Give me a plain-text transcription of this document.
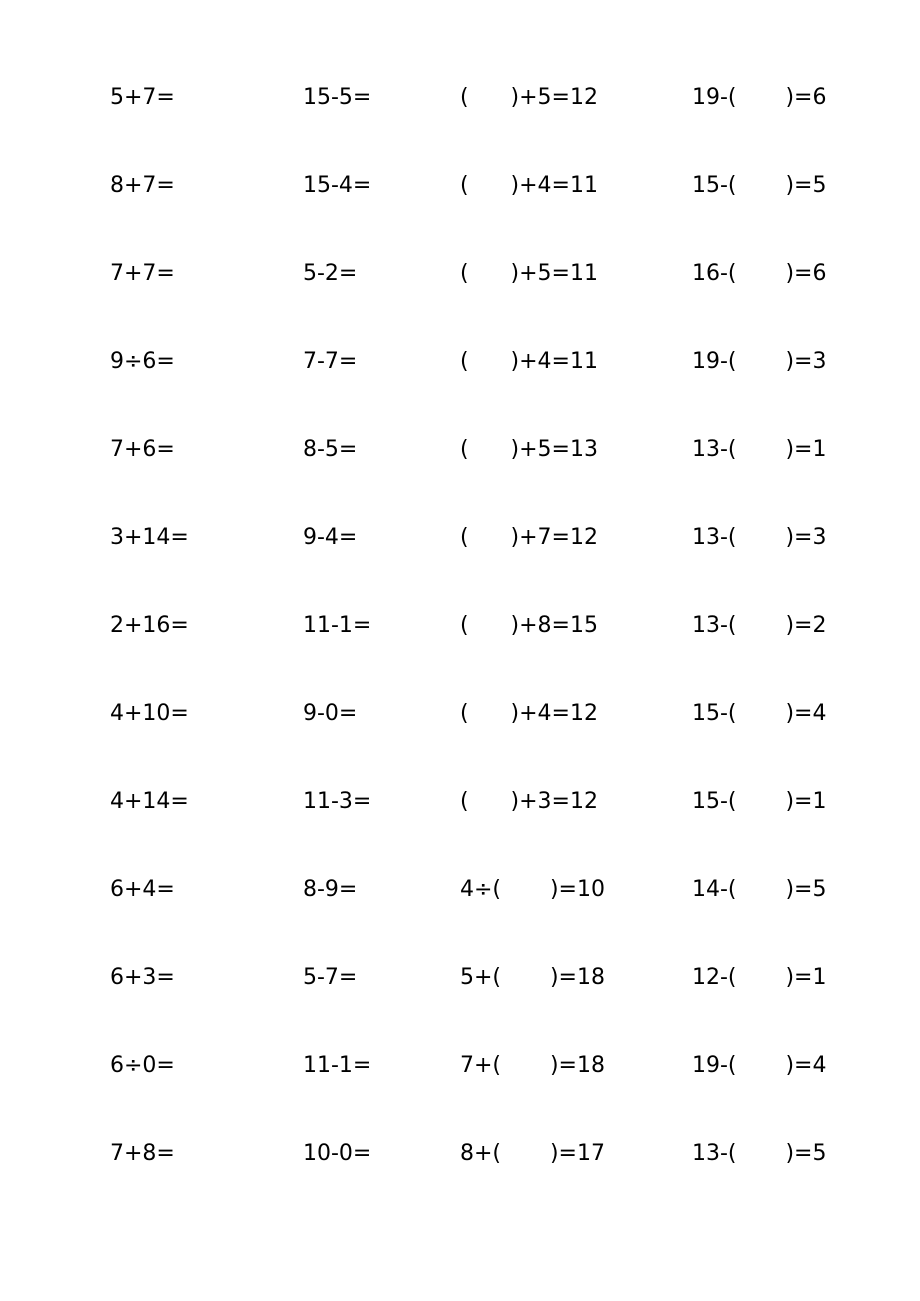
5+7=	15-5=	(      )+5=12	19-(       )=6
8+7=	15-4=	(      )+4=11	15-(       )=5
7+7=	5-2=	(      )+5=11	16-(       )=6
9÷6=	7-7=	(      )+4=11	19-(       )=3
7+6=	8-5=	(      )+5=13	13-(       )=1
3+14=	9-4=	(      )+7=12	13-(       )=3
2+16=	11-1=	(      )+8=15	13-(       )=2
4+10=	9-0=	(      )+4=12	15-(       )=4
4+14=	11-3=	(      )+3=12	15-(       )=1
6+4=	8-9=	4÷(       )=10	14-(       )=5
6+3=	5-7=	5+(       )=18	12-(       )=1
6÷0=	11-1=	7+(       )=18	19-(       )=4
7+8=	10-0=	8+(       )=17	13-(       )=5
